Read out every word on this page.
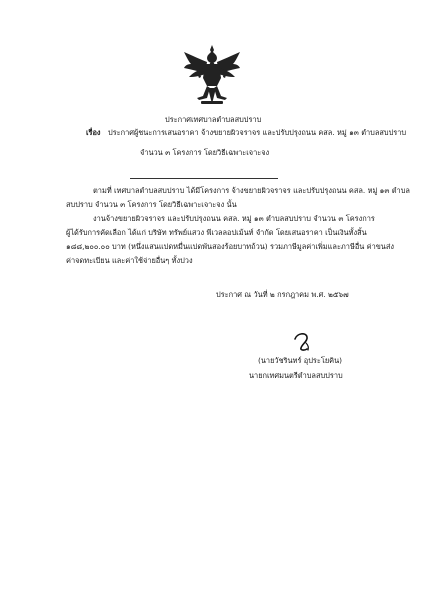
ประกาศเทศบาลตำบลสบปราบ
เรื่อง ประกาศผู้ชนะการเสนอราคา จ้างขยายผิวจราจร และปรับปรุงถนน คสล. หมู่ ๑๓ ตำบลสบปราบ
จำนวน ๓ โครงการ โดยวิธีเฉพาะเจาะจง
ตามที่ เทศบาลตำบลสบปราบ ได้มีโครงการ จ้างขยายผิวจราจร และปรับปรุงถนน คสล. หมู่ ๑๓ ตำบล
สบปราบ จำนวน ๓ โครงการ โดยวิธีเฉพาะเจาะจง นั้น
งานจ้างขยายผิวจราจร และปรับปรุงถนน คสล. หมู่ ๑๓ ตำบลสบปราบ จำนวน ๓ โครงการ
ผู้ได้รับการคัดเลือก ได้แก่ บริษัท ทรัพย์แสวง พีเวลลอปเม้นท์ จำกัด โดยเสนอราคา เป็นเงินทั้งสิ้น
๑๘๘,๒๐๐.๐๐ บาท (หนึ่งแสนแปดหมื่นแปดพันสองร้อยบาทถ้วน) รวมภาษีมูลค่าเพิ่มและภาษีอื่น ค่าขนส่ง
ค่าจดทะเบียน และค่าใช้จ่ายอื่นๆ ทั้งปวง
ประกาศ ณ วันที่ ๒ กรกฎาคม พ.ศ. ๒๕๖๗
(นายวัชรินทร์ อุประโยคิน)
นายกเทศมนตรีตำบลสบปราบ
